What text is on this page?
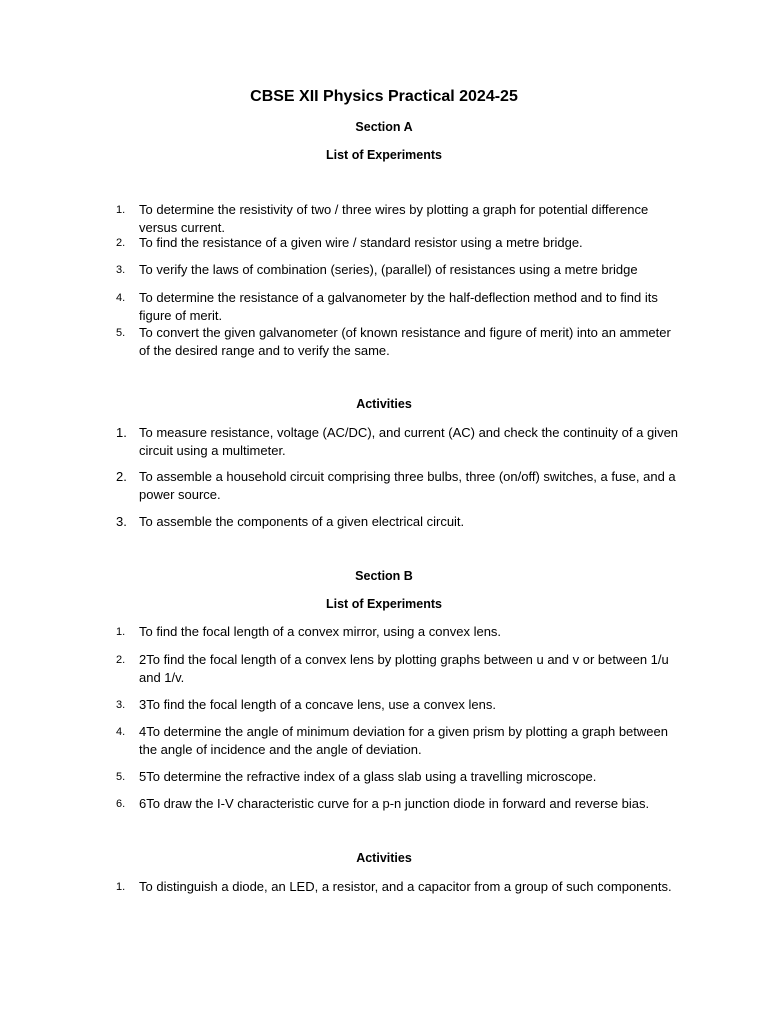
CBSE XII Physics Practical 2024-25
Section A
List of Experiments
1.	To determine the resistivity of two / three wires by plotting a graph for potential difference versus current.
2.	To find the resistance of a given wire / standard resistor using a metre bridge.
3.	To verify the laws of combination (series), (parallel) of resistances using a metre bridge
4.	To determine the resistance of a galvanometer by the half-deflection method and to find its figure of merit.
5.	To convert the given galvanometer (of known resistance and figure of merit) into an ammeter of the desired range and to verify the same.
Activities
1. To measure resistance, voltage (AC/DC), and current (AC) and check the continuity of a given circuit using a multimeter.
2. To assemble a household circuit comprising three bulbs, three (on/off) switches, a fuse, and a power source.
3. To assemble the components of a given electrical circuit.
Section B
List of Experiments
1.	To find the focal length of a convex mirror, using a convex lens.
2.	2To find the focal length of a convex lens by plotting graphs between u and v or between 1/u and 1/v.
3.	3To find the focal length of a concave lens, use a convex lens.
4.	4To determine the angle of minimum deviation for a given prism by plotting a graph between the angle of incidence and the angle of deviation.
5.	5To determine the refractive index of a glass slab using a travelling microscope.
6.	6To draw the I-V characteristic curve for a p-n junction diode in forward and reverse bias.
Activities
1.	To distinguish a diode, an LED, a resistor, and a capacitor from a group of such components.
